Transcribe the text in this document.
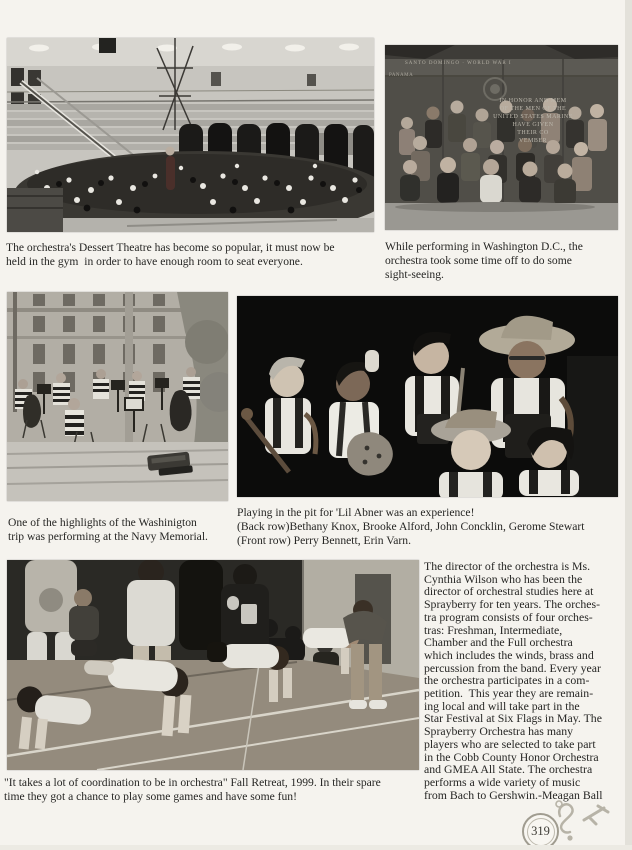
SANTO DOMINGO · WORLD WAR I
PANAMA
IN HONOR AND MEM
OF THE MEN OF THE
UNITED STATES MARINE
HAVE GIVEN
THEIR CO
VEMBER
The orchestra's Dessert Theatre has become so popular, it must now be
held in the gym  in order to have enough room to seat everyone.
While performing in Washington D.C., the
orchestra took some time off to do some
sight-seeing.
Playing in the pit for 'Lil Abner was an experience!
(Back row)Bethany Knox, Brooke Alford, John Concklin, Gerome Stewart
(Front row) Perry Bennett, Erin Varn.
One of the highlights of the Washinigton
trip was performing at the Navy Memorial.
The director of the orchestra is Ms.
Cynthia Wilson who has been the
director of orchestral studies here at
Sprayberry for ten years. The orches-
tra program consists of four orches-
tras: Freshman, Intermediate,
Chamber and the Full orchestra
which includes the winds, brass and
percussion from the band. Every year
the orchestra participates in a com-
petition.  This year they are remain-
ing local and will take part in the
Star Festival at Six Flags in May. The
Sprayberry Orchestra has many
players who are selected to take part
in the Cobb County Honor Orchestra
and GMEA All State. The orchestra
performs a wide variety of music
from Bach to Gershwin.-Meagan Ball
"It takes a lot of coordination to be in orchestra" Fall Retreat, 1999. In their spare
time they got a chance to play some games and have some fun!
319
